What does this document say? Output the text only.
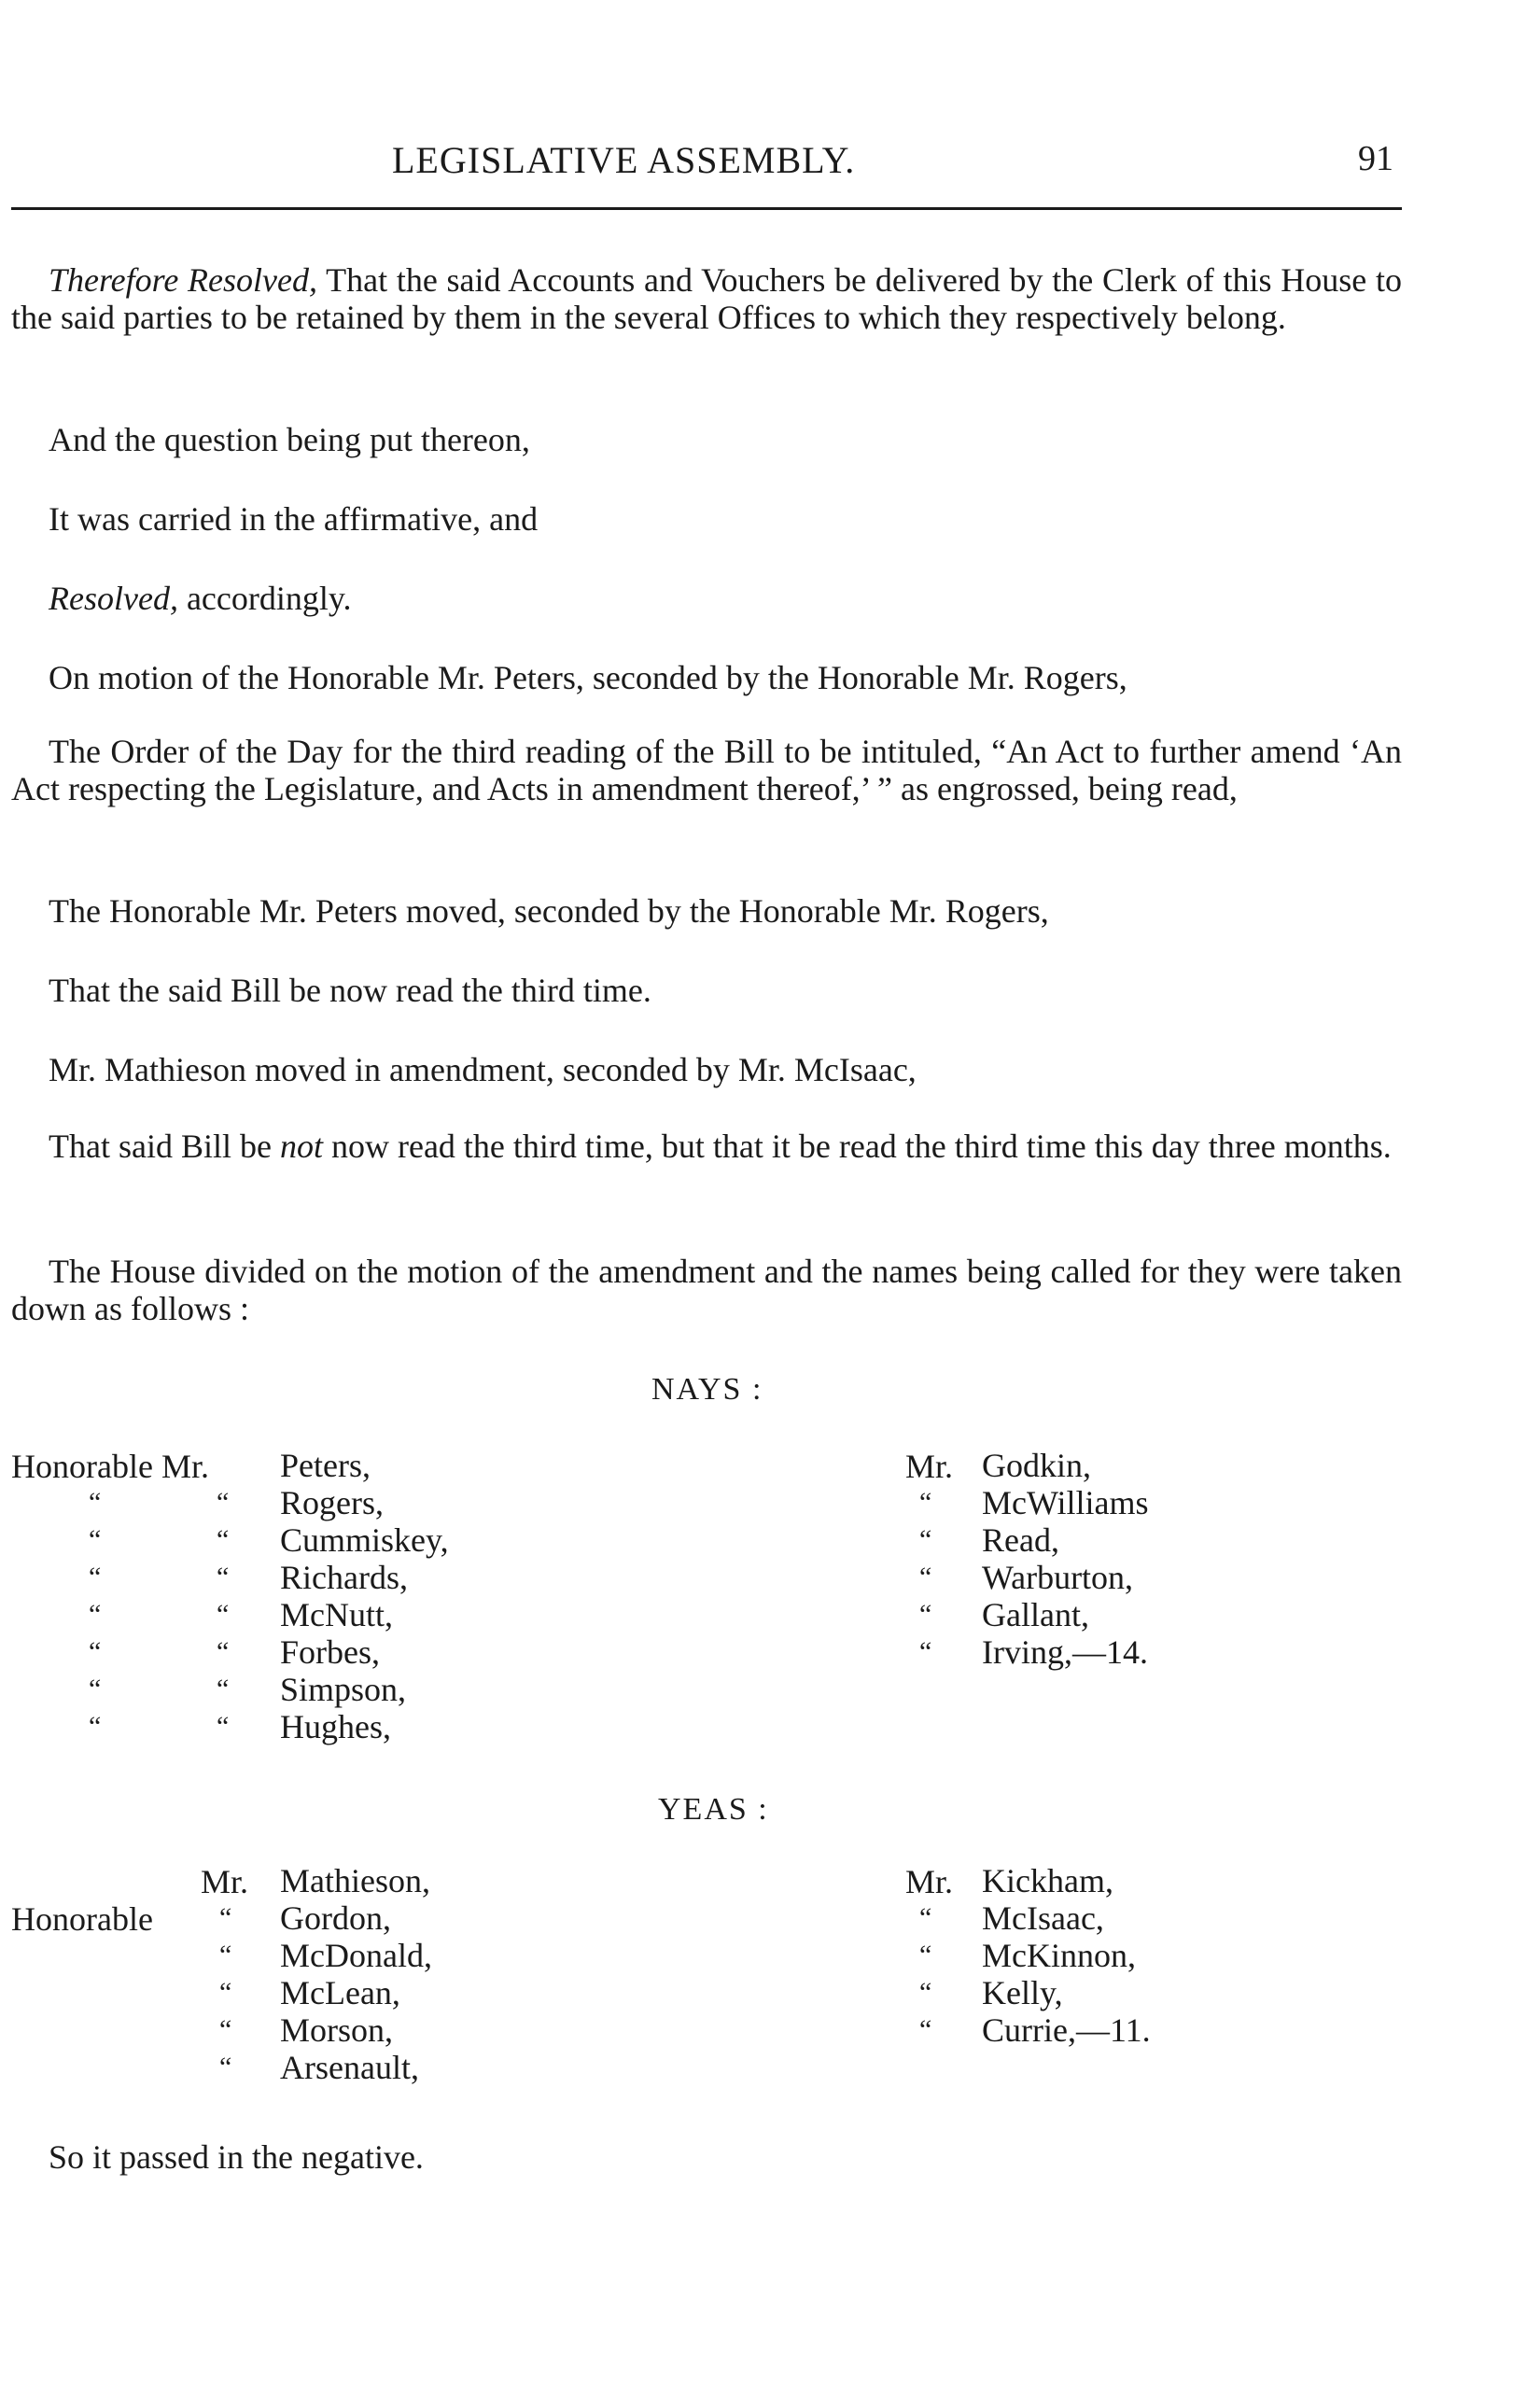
LEGISLATIVE ASSEMBLY.	91
Therefore Resolved, That the said Accounts and Vouchers be delivered by the Clerk of this House to the said parties to be retained by them in the several Offices to which they respectively belong.
And the question being put thereon,
It was carried in the affirmative, and
Resolved, accordingly.
On motion of the Honorable Mr. Peters, seconded by the Honorable Mr. Rogers,
The Order of the Day for the third reading of the Bill to be intituled, “An Act to further amend ‘An Act respecting the Legislature, and Acts in amendment thereof,’ ” as engrossed, being read,
The Honorable Mr. Peters moved, seconded by the Honorable Mr. Rogers,
That the said Bill be now read the third time.
Mr. Mathieson moved in amendment, seconded by Mr. McIsaac,
That said Bill be not now read the third time, but that it be read the third time this day three months.
The House divided on the motion of the amendment and the names being called for they were taken down as follows :
NAYS :
Honorable Mr. Peters,
Rogers,
Cummiskey,
Richards,
McNutt,
Forbes,
Simpson,
Hughes,
“
“
“
“
“
“
“
“
“
“
“
“
“
“
Mr.
“
“
“
“
“
Godkin,
McWilliams
Read,
Warburton,
Gallant,
Irving,—14.
YEAS :
Mr.
Honorable “
“
“
“
“
Mathieson,
Gordon,
McDonald,
McLean,
Morson,
Arsenault,
Mr.
“
“
“
“
Kickham,
McIsaac,
McKinnon,
Kelly,
Currie,—11.
So it passed in the negative.
